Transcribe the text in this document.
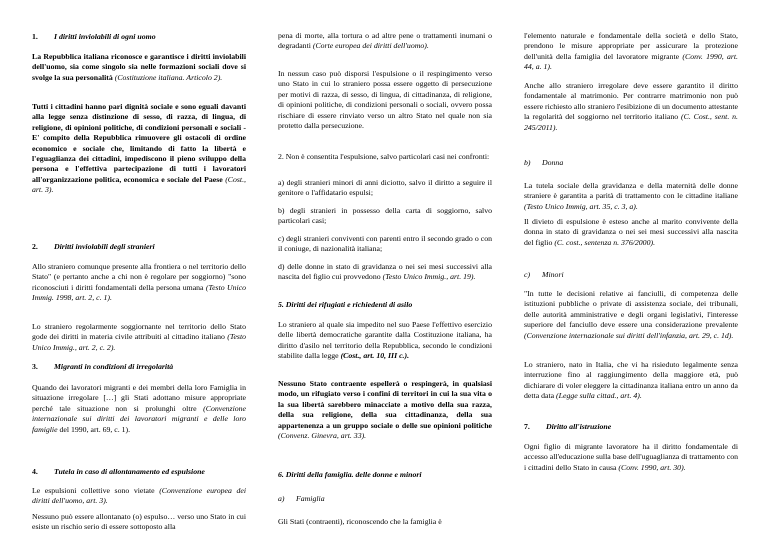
1. I diritti inviolabili di ogni uomo
La Repubblica italiana riconosce e garantisce i diritti inviolabili dell'uomo, sia come singolo sia nelle formazioni sociali dove si svolge la sua personalità (Costituzione italiana. Articolo 2).
Tutti i cittadini hanno pari dignità sociale e sono eguali davanti alla legge senza distinzione di sesso, di razza, di lingua, di religione, di opinioni politiche, di condizioni personali e sociali - E' compito della Repubblica rimuovere gli ostacoli di ordine economico e sociale che, limitando di fatto la libertà e l'eguaglianza dei cittadini, impediscono il pieno sviluppo della persona e l'effettiva partecipazione di tutti i lavoratori all'organizzazione politica, economica e sociale del Paese (Cost., art. 3).
2. Diritti inviolabili degli stranieri
Allo straniero comunque presente alla frontiera o nel territorio dello Stato" (e pertanto anche a chi non è regolare per soggiorno) "sono riconosciuti i diritti fondamentali della persona umana (Testo Unico Immig. 1998, art. 2, c. 1).
Lo straniero regolarmente soggiornante nel territorio dello Stato gode dei diritti in materia civile attribuiti al cittadino italiano (Testo Unico Immig., art. 2, c. 2).
3. Migranti in condizioni di irregolarità
Quando dei lavoratori migranti e dei membri della loro Famiglia in situazione irregolare […] gli Stati adottano misure appropriate perché tale situazione non si prolunghi oltre (Convenzione internazionale sui diritti dei lavoratori migranti e delle loro famiglie del 1990, art. 69, c. 1).
4. Tutela in caso di allontanamento ed espulsione
Le espulsioni collettive sono vietate (Convenzione europea dei diritti dell'uomo, art. 3).
Nessuno può essere allontanato (o) espulso… verso uno Stato in cui esiste un rischio serio di essere sottoposto alla
pena di morte, alla tortura o ad altre pene o trattamenti inumani o degradanti (Corte europea dei diritti dell'uomo).
In nessun caso può disporsi l'espulsione o il respingimento verso uno Stato in cui lo straniero possa essere oggetto di persecuzione per motivi di razza, di sesso, di lingua, di cittadinanza, di religione, di opinioni politiche, di condizioni personali o sociali, ovvero possa rischiare di essere rinviato verso un altro Stato nel quale non sia protetto dalla persecuzione.
2. Non è consentita l'espulsione, salvo particolari casi nei confronti:
a) degli stranieri minori di anni diciotto, salvo il diritto a seguire il genitore o l'affidatario espulsi;
b) degli stranieri in possesso della carta di soggiorno, salvo particolari casi;
c) degli stranieri conviventi con parenti entro il secondo grado o con il coniuge, di nazionalità italiana;
d) delle donne in stato di gravidanza o nei sei mesi successivi alla nascita del figlio cui provvedono (Testo Unico Immig., art. 19).
5. Diritti dei rifugiati e richiedenti di asilo
Lo straniero al quale sia impedito nel suo Paese l'effettivo esercizio delle libertà democratiche garantite dalla Costituzione italiana, ha diritto d'asilo nel territorio della Repubblica, secondo le condizioni stabilite dalla legge (Cost., art. 10, III c.).
Nessuno Stato contraente espellerà o respingerà, in qualsiasi modo, un rifugiato verso i confini di territori in cui la sua vita o la sua libertà sarebbero minacciate a motivo della sua razza, della sua religione, della sua cittadinanza, della sua appartenenza a un gruppo sociale o delle sue opinioni politiche (Convenz. Ginevra, art. 33).
6. Diritti della famiglia. delle donne e minori
a) Famiglia
Gli Stati (contraenti), riconoscendo che la famiglia è
l'elemento naturale e fondamentale della società e dello Stato, prendono le misure appropriate per assicurare la protezione dell'unità della famiglia del lavoratore migrante (Conv. 1990, art. 44, a. 1).
Anche allo straniero irregolare deve essere garantito il diritto fondamentale al matrimonio. Per contrarre matrimonio non può essere richiesto allo straniero l'esibizione di un documento attestante la regolarità del soggiorno nel territorio italiano (C. Cost., sent. n. 245/2011).
b) Donna
La tutela sociale della gravidanza e della maternità delle donne straniere è garantita a parità di trattamento con le cittadine italiane (Testo Unico Immig, art. 35, c. 3, a).
Il divieto di espulsione è esteso anche al marito convivente della donna in stato di gravidanza o nei sei mesi successivi alla nascita del figlio (C. cost., sentenza n. 376/2000).
c) Minori
"In tutte le decisioni relative ai fanciulli, di competenza delle istituzioni pubbliche o private di assistenza sociale, dei tribunali, delle autorità amministrative e degli organi legislativi, l'interesse superiore del fanciullo deve essere una considerazione prevalente (Convenzione internazionale sui diritti dell'infanzia, art. 29, c. 1d).
Lo straniero, nato in Italia, che vi ha risieduto legalmente senza interruzione fino al raggiungimento della maggiore età, può dichiarare di voler eleggere la cittadinanza italiana entro un anno da detta data (Legge sulla cittad., art. 4).
7. Diritto all'istruzione
Ogni figlio di migrante lavoratore ha il diritto fondamentale di accesso all'educazione sulla base dell'uguaglianza di trattamento con i cittadini dello Stato in causa (Conv. 1990, art. 30).
